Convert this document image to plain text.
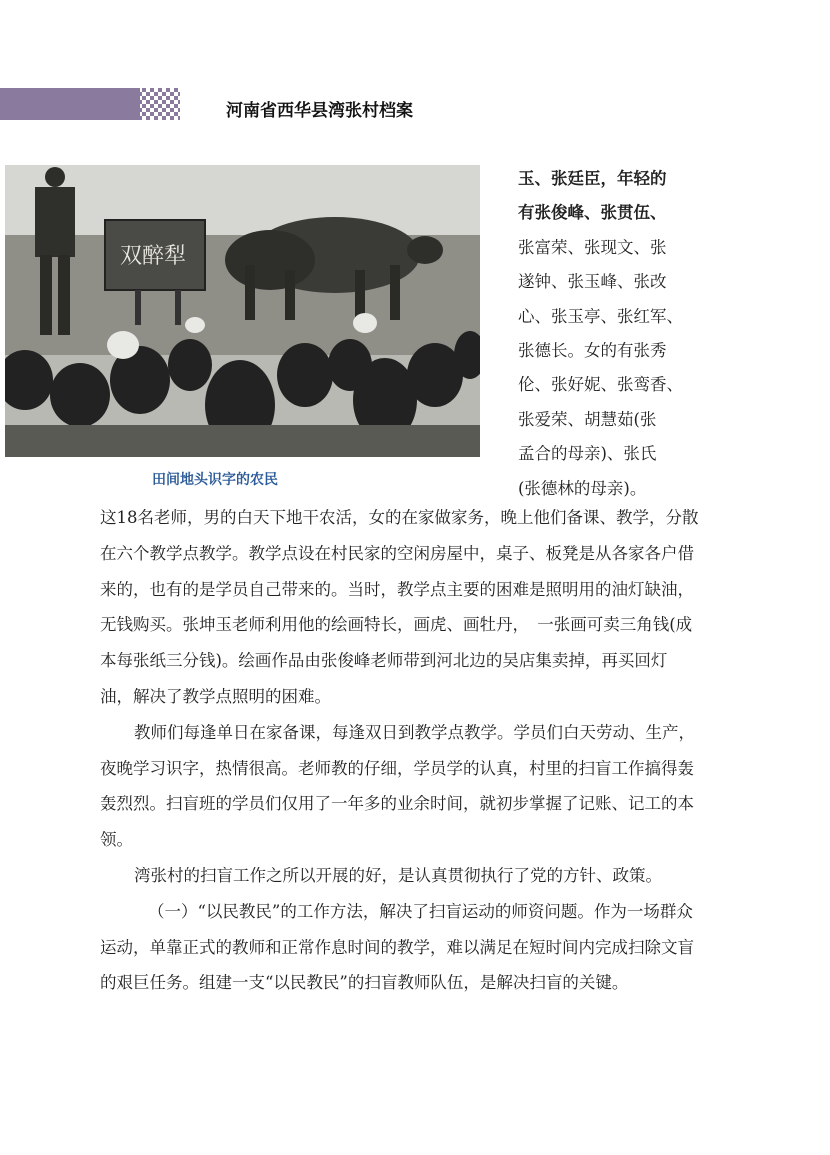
河南省西华县湾张村档案
双醉犁
田间地头识字的农民

玉、张廷臣，年轻的

有张俊峰、张贯伍、

张富荣、张现文、张

遂钟、张玉峰、张改

心、张玉亭、张红军、

张德长。女的有张秀

伦、张好妮、张鸾香、

张爱荣、胡慧茹(张

孟合的母亲)、张氏

(张德林的母亲)。

这18名老师，男的白天下地干农活，女的在家做家务，晚上他们备课、教学，分散在六个教学点教学。教学点设在村民家的空闲房屋中，桌子、板凳是从各家各户借来的，也有的是学员自己带来的。当时，教学点主要的困难是照明用的油灯缺油，无钱购买。张坤玉老师利用他的绘画特长，画虎、画牡丹，　一张画可卖三角钱(成本每张纸三分钱)。绘画作品由张俊峰老师带到河北边的吴店集卖掉，再买回灯油，解决了教学点照明的困难。

教师们每逢单日在家备课，每逢双日到教学点教学。学员们白天劳动、生产，夜晚学习识字，热情很高。老师教的仔细，学员学的认真，村里的扫盲工作搞得轰轰烈烈。扫盲班的学员们仅用了一年多的业余时间，就初步掌握了记账、记工的本领。

湾张村的扫盲工作之所以开展的好，是认真贯彻执行了党的方针、政策。

（一）“以民教民”的工作方法，解决了扫盲运动的师资问题。作为一场群众运动，单靠正式的教师和正常作息时间的教学，难以满足在短时间内完成扫除文盲的艰巨任务。组建一支“以民教民”的扫盲教师队伍，是解决扫盲的关键。
